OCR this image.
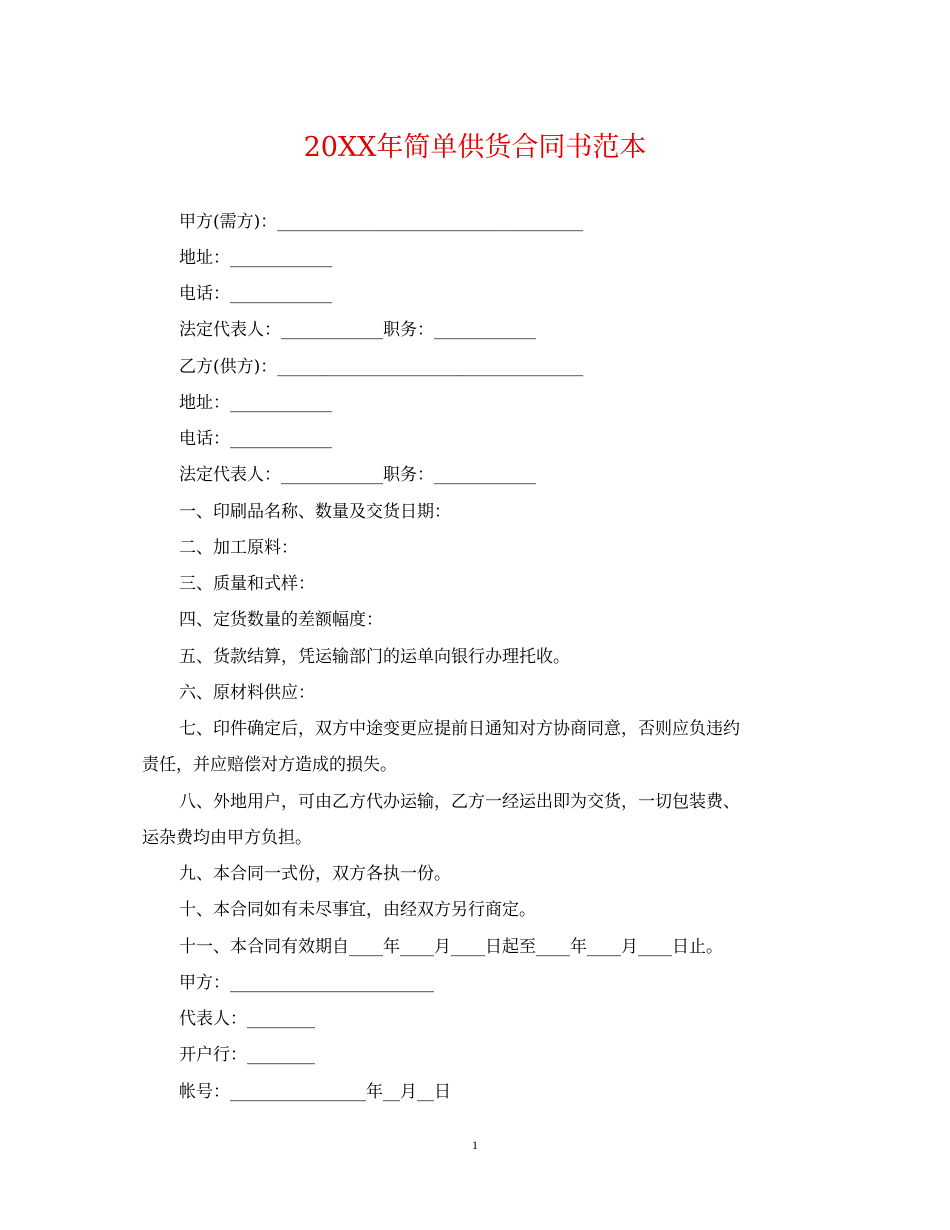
20XX年简单供货合同书范本
甲方(需方)：____________________________________
地址：____________
电话：____________
法定代表人：____________职务：____________
乙方(供方)：____________________________________
地址：____________
电话：____________
法定代表人：____________职务：____________
一、印刷品名称、数量及交货日期：
二、加工原料：
三、质量和式样：
四、定货数量的差额幅度：
五、货款结算，凭运输部门的运单向银行办理托收。
六、原材料供应：
七、印件确定后，双方中途变更应提前日通知对方协商同意，否则应负违约
责任，并应赔偿对方造成的损失。
八、外地用户，可由乙方代办运输，乙方一经运出即为交货，一切包装费、
运杂费均由甲方负担。
九、本合同一式份，双方各执一份。
十、本合同如有未尽事宜，由经双方另行商定。
十一、本合同有效期自____年____月____日起至____年____月____日止。
甲方：________________________
代表人：________
开户行：________
帐号：________________年__月__日
1
